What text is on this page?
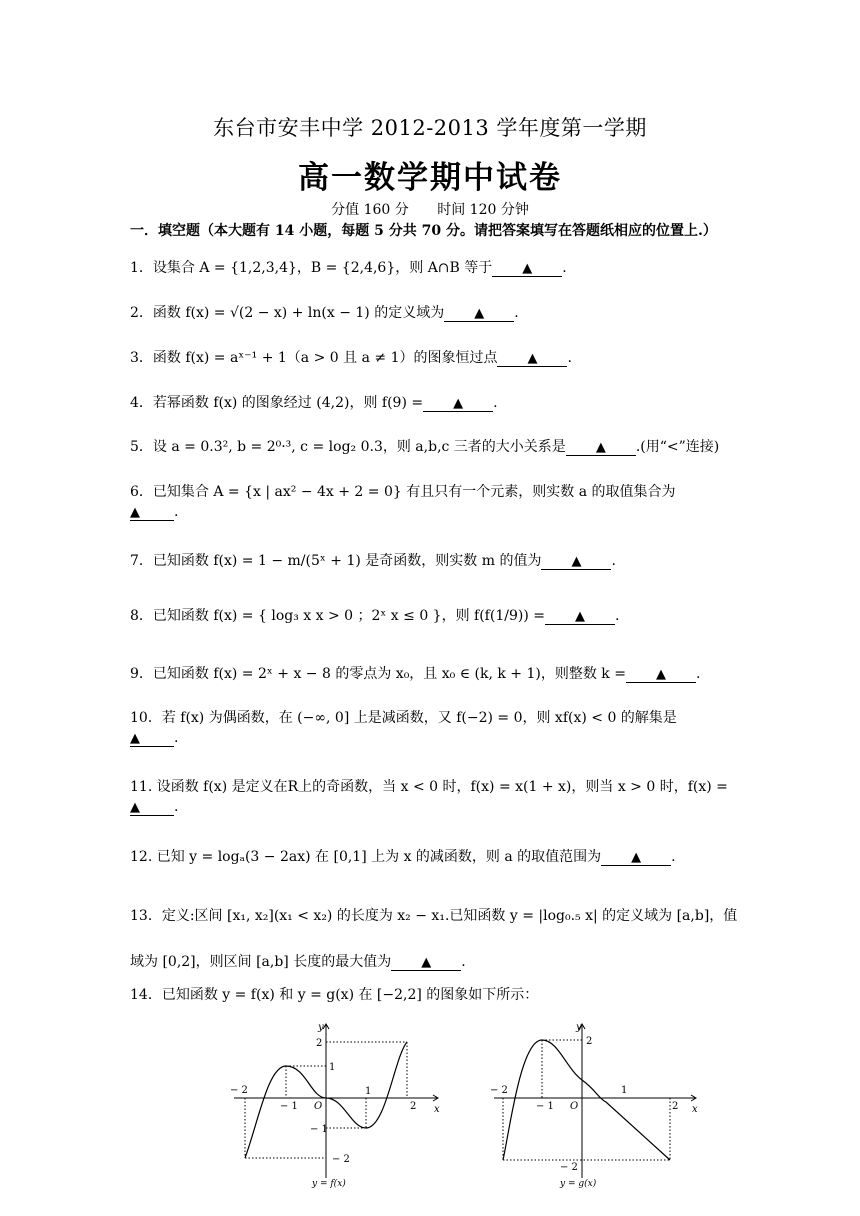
东台市安丰中学 2012-2013 学年度第一学期
高一数学期中试卷
分值 160 分 时间 120 分钟
一．填空题（本大题有 14 小题，每题 5 分共 70 分。请把答案填写在答题纸相应的位置上.）
1．设集合 A = {1,2,3,4}，B = {2,4,6}，则 A∩B 等于 ▲ .
2．函数 f(x) = √(2 − x) + ln(x − 1) 的定义域为 ▲ .
3．函数 f(x) = aˣ⁻¹ + 1（a > 0 且 a ≠ 1）的图象恒过点 ▲ .
4．若幂函数 f(x) 的图象经过 (4,2)，则 f(9) = ▲ .
5．设 a = 0.3², b = 2⁰·³, c = log₂ 0.3，则 a,b,c 三者的大小关系是 ▲ .(用“<”连接)
6．已知集合 A = {x | ax² − 4x + 2 = 0} 有且只有一个元素，则实数 a 的取值集合为
▲ .
7．已知函数 f(x) = 1 − m/(5ˣ + 1) 是奇函数，则实数 m 的值为 ▲ .
8．已知函数 f(x) = { log₃ x x > 0 ；2ˣ x ≤ 0 }，则 f(f(1/9)) = ▲ .
9．已知函数 f(x) = 2ˣ + x − 8 的零点为 x₀，且 x₀ ∈ (k, k + 1)，则整数 k = ▲ .
10．若 f(x) 为偶函数，在 (−∞, 0] 上是减函数，又 f(−2) = 0，则 xf(x) < 0 的解集是
▲ .
11. 设函数 f(x) 是定义在R上的奇函数，当 x < 0 时，f(x) = x(1 + x)，则当 x > 0 时，f(x) =
▲ .
12. 已知 y = logₐ(3 − 2ax) 在 [0,1] 上为 x 的减函数，则 a 的取值范围为 ▲ .
13．定义:区间 [x₁, x₂](x₁ < x₂) 的长度为 x₂ − x₁.已知函数 y = |log₀.₅ x| 的定义域为 [a,b]，值域为 [0,2]，则区间 [a,b] 长度的最大值为 ▲ .
14．已知函数 y = f(x) 和 y = g(x) 在 [−2,2] 的图象如下所示：
y
x
O
− 2
− 1
1
2
2
1
− 1
− 2
y = f(x)
y
x
O
− 2
− 1
1
2
2
− 2
y = g(x)
